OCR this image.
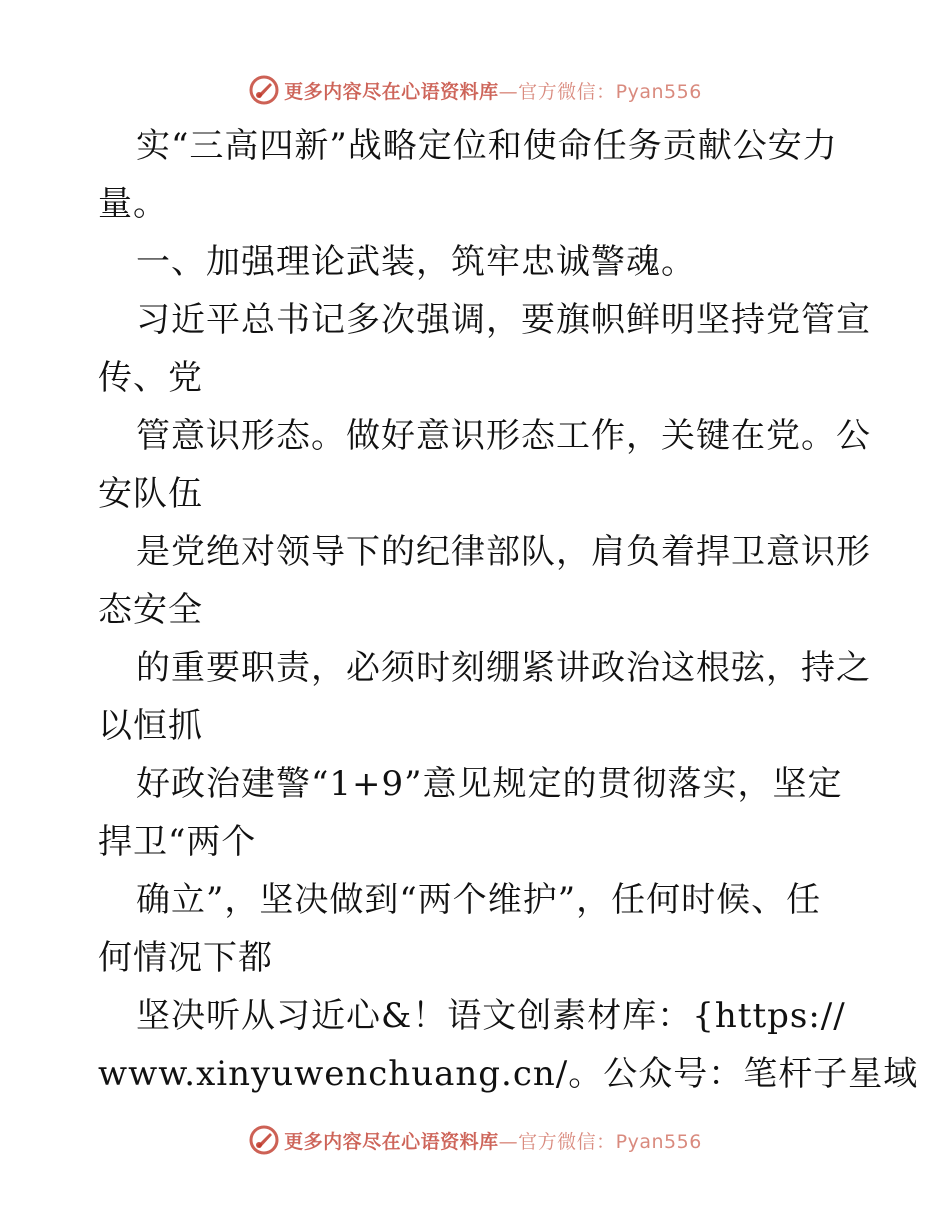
更多内容尽在心语资料库—官方微信：Pyan556
实“三高四新”战略定位和使命任务贡献公安力
量。
一、加强理论武装，筑牢忠诚警魂。
习近平总书记多次强调，要旗帜鲜明坚持党管宣
传、党
管意识形态。做好意识形态工作，关键在党。公
安队伍
是党绝对领导下的纪律部队，肩负着捍卫意识形
态安全
的重要职责，必须时刻绷紧讲政治这根弦，持之
以恒抓
好政治建警“1+9”意见规定的贯彻落实，坚定
捍卫“两个
确立”，坚决做到“两个维护”，任何时候、任
何情况下都
坚决听从习近心&！语文创素材库：{https://
www.xinyuwenchuang.cn/。公众号：笔杆子星域
更多内容尽在心语资料库—官方微信：Pyan556
